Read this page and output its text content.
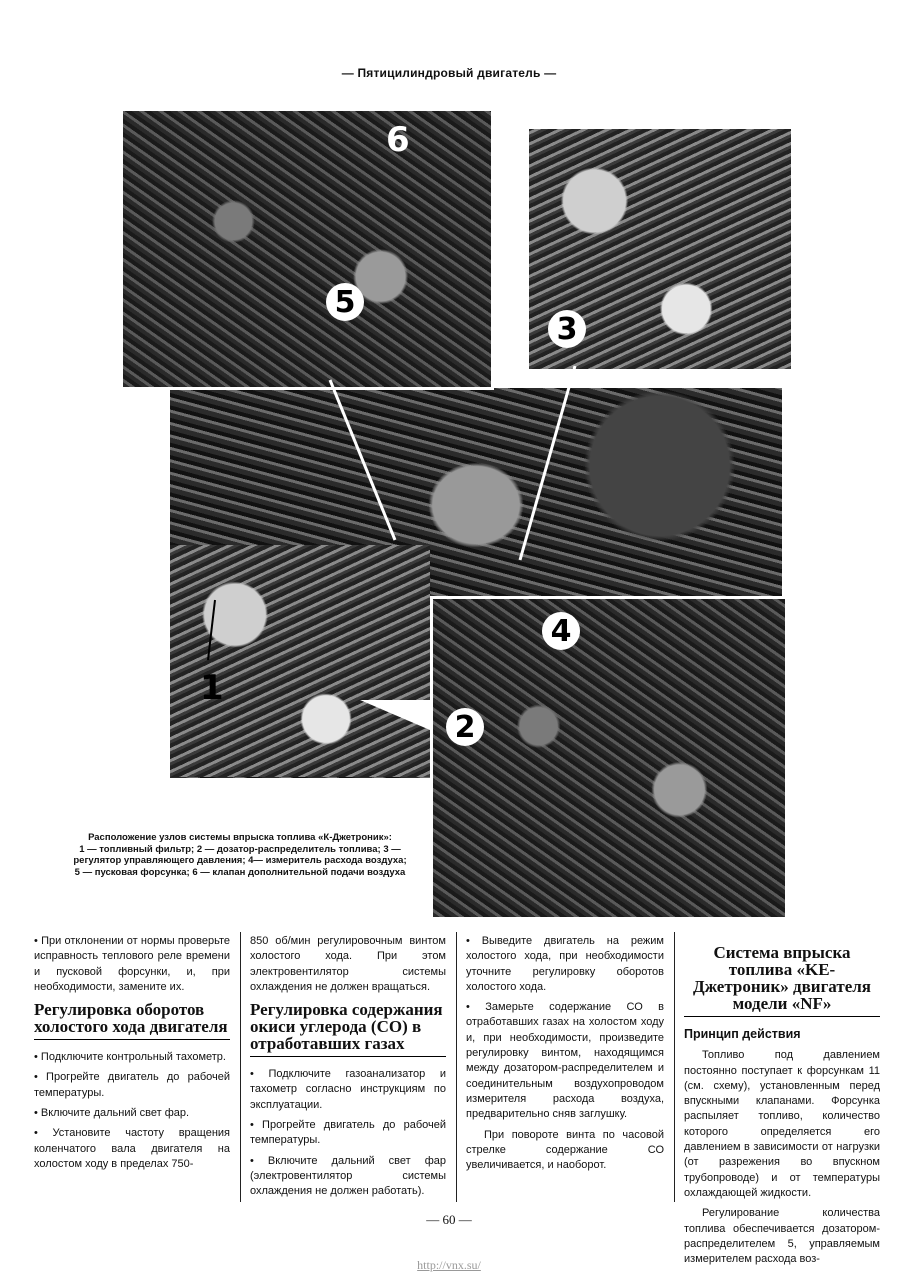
— Пятицилиндровый двигатель —
6
5
3
4
2
1
Расположение узлов системы впрыска топлива «К-Джетроник»:
1 — топливный фильтр; 2 — дозатор-распределитель топлива; 3 — регулятор управляющего давления; 4— измеритель расхода воздуха; 5 — пусковая форсунка; 6 — клапан дополнительной подачи воздуха

• При отклонении от нормы проверьте исправность теплового реле времени и пусковой форсунки, и, при необходимости, замените их.

Регулировка оборотов холостого хода двигателя

• Подключите контрольный тахометр.

• Прогрейте двигатель до рабочей температуры.

• Включите дальний свет фар.

• Установите частоту вращения коленчатого вала двигателя на холостом ходу в пределах 750-

850 об/мин регулировочным винтом холостого хода. При этом электровентилятор системы охлаждения не должен вращаться.

Регулировка содержания окиси углерода (СО) в отработавших газах

• Подключите газоанализатор и тахометр согласно инструкциям по эксплуатации.

• Прогрейте двигатель до рабочей температуры.

• Включите дальний свет фар (электровентилятор системы охлаждения не должен работать).

• Выведите двигатель на режим холостого хода, при необходимости уточните регулировку оборотов холостого хода.

• Замерьте содержание СО в отработавших газах на холостом ходу и, при необходимости, произведите регулировку винтом, находящимся между дозатором-распределителем и соединительным воздухопроводом измерителя расхода воздуха, предварительно сняв заглушку.

При повороте винта по часовой стрелке содержание СО увеличивается, и наоборот.

Система впрыска топлива «KE-Джетроник» двигателя модели «NF»
Принцип действия

Топливо под давлением постоянно поступает к форсункам 11 (см. схему), установленным перед впускными клапанами. Форсунка распыляет топливо, количество которого определяется его давлением в зависимости от нагрузки (от разрежения во впускном трубопроводе) и от температуры охлаждающей жидкости.

Регулирование количества топлива обеспечивается дозатором-распределителем 5, управляемым измерителем расхода воз-

— 60 —
http://vnx.su/
